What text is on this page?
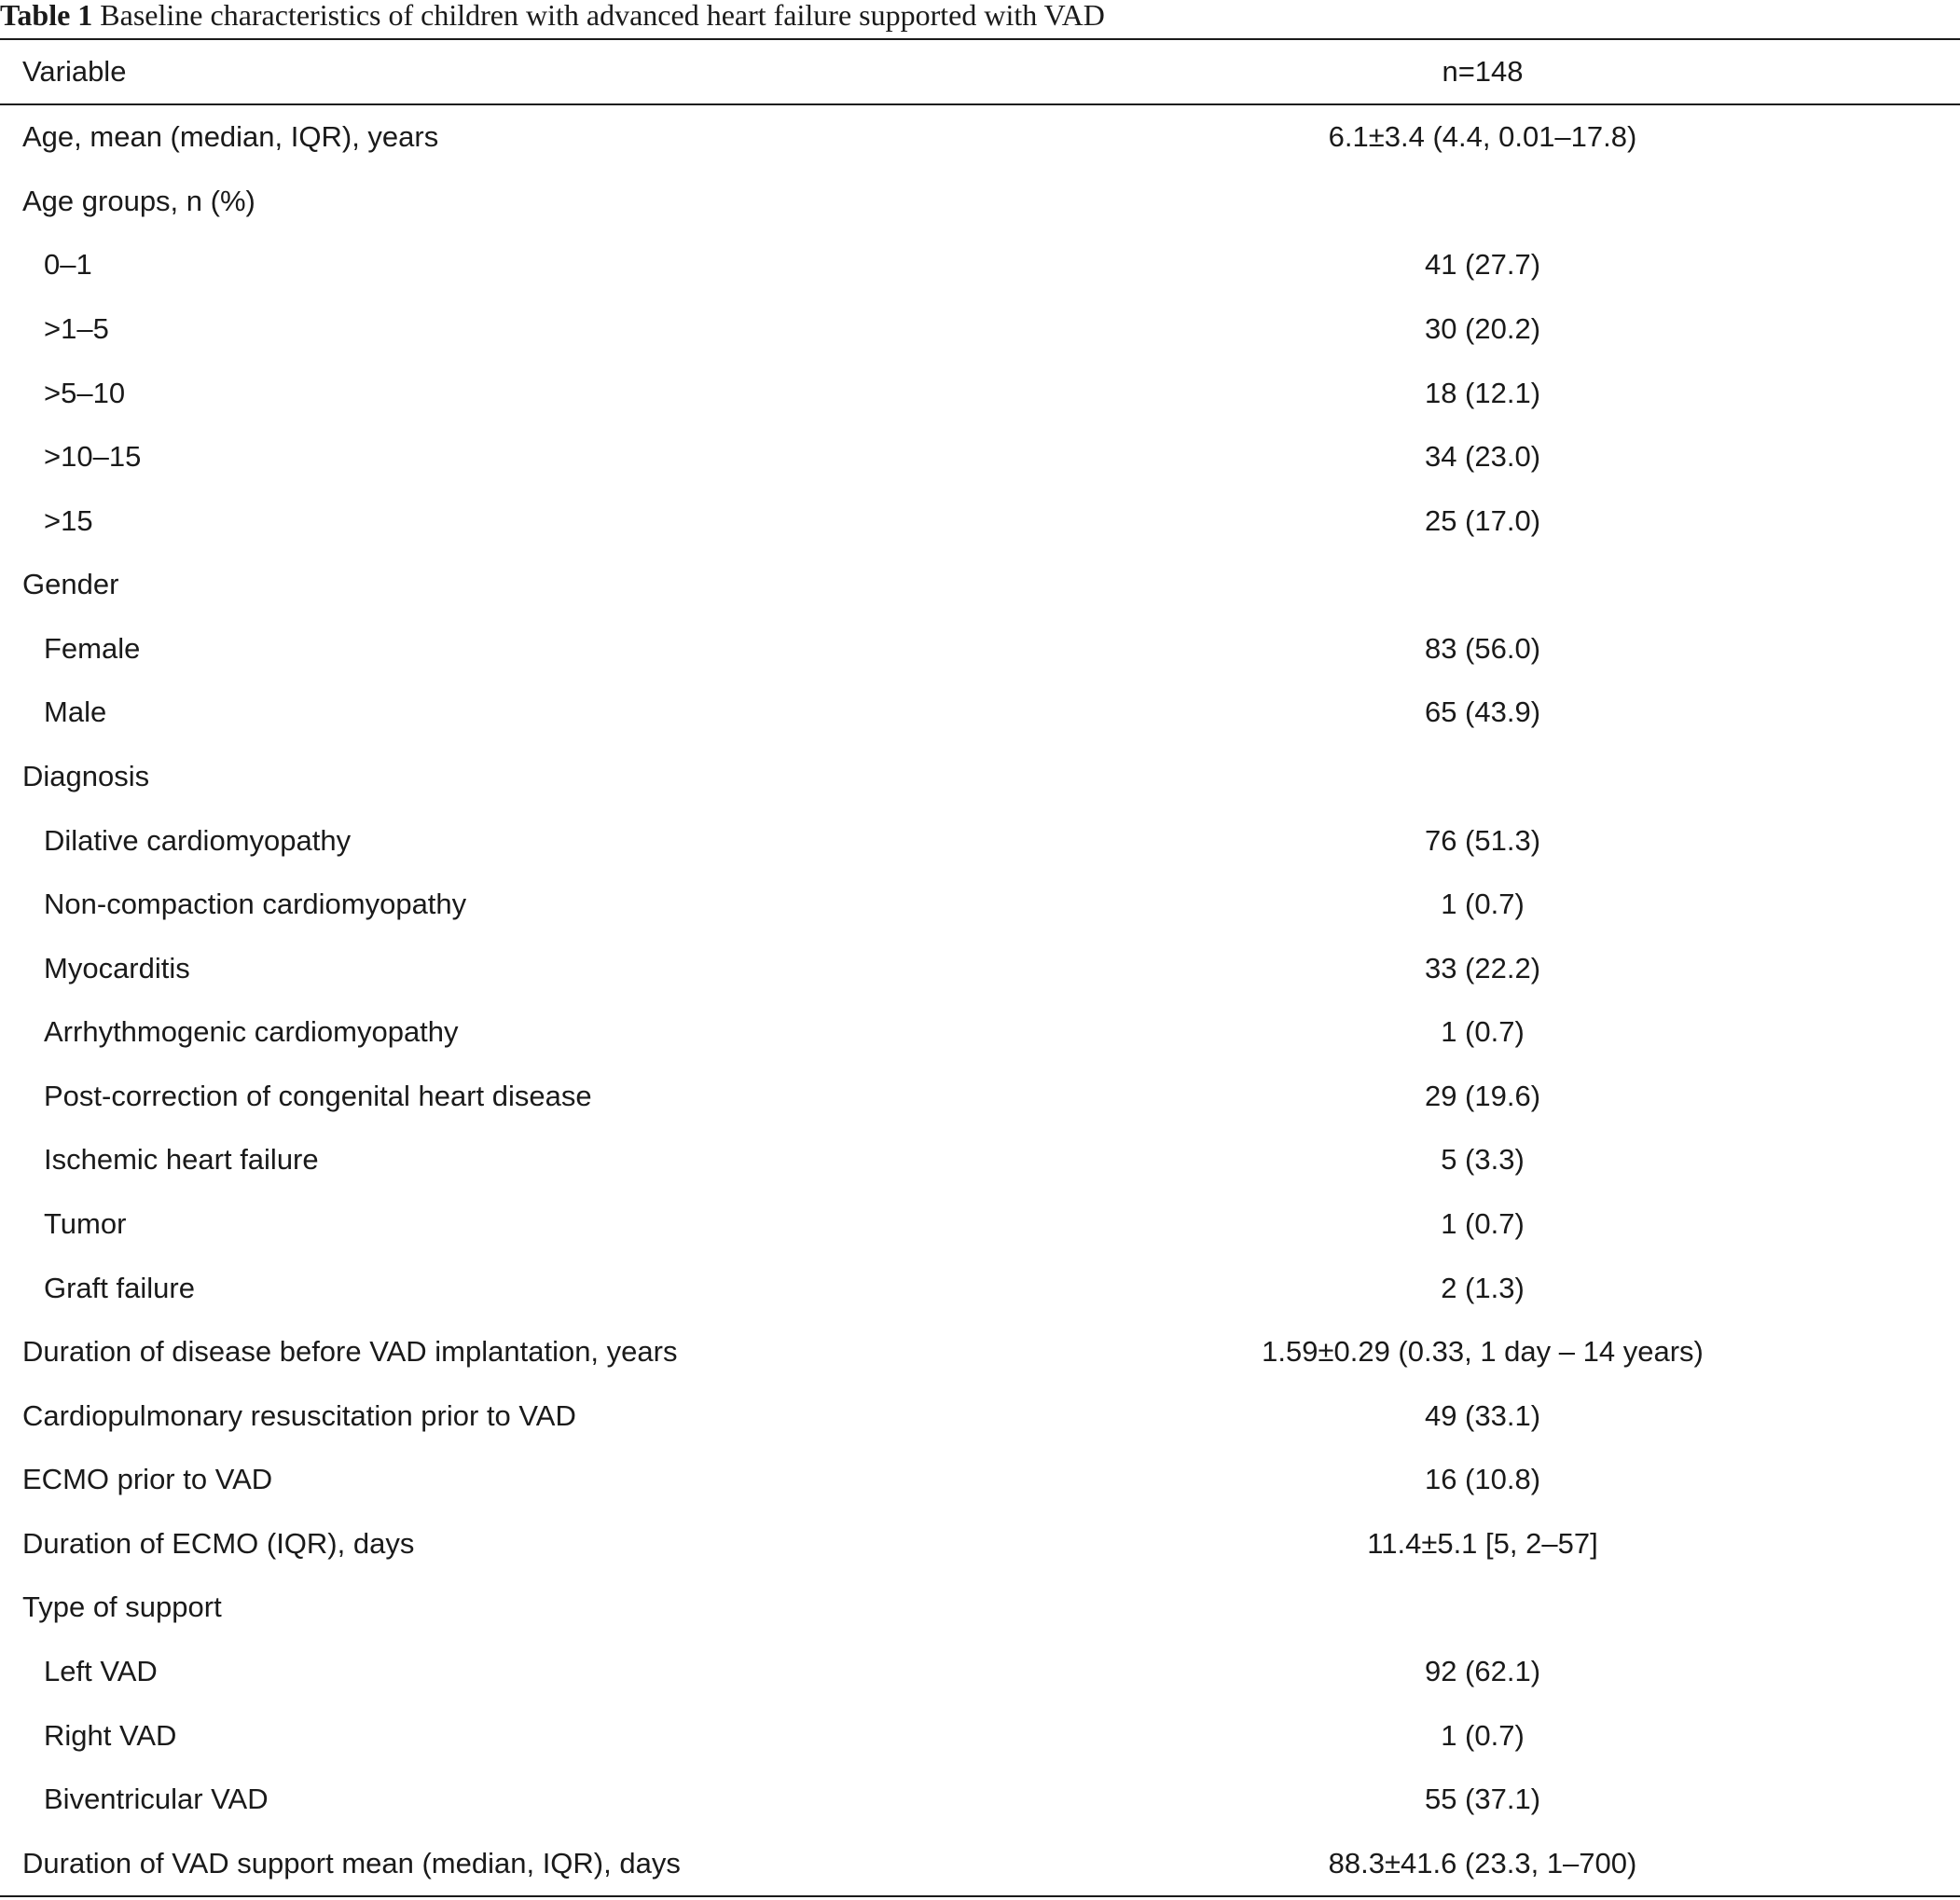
Table 1 Baseline characteristics of children with advanced heart failure supported with VAD
Variable	n=148
Age, mean (median, IQR), years	6.1±3.4 (4.4, 0.01–17.8)
Age groups, n (%)
0–1	41 (27.7)
>1–5	30 (20.2)
>5–10	18 (12.1)
>10–15	34 (23.0)
>15	25 (17.0)
Gender
Female	83 (56.0)
Male	65 (43.9)
Diagnosis
Dilative cardiomyopathy	76 (51.3)
Non-compaction cardiomyopathy	1 (0.7)
Myocarditis	33 (22.2)
Arrhythmogenic cardiomyopathy	1 (0.7)
Post-correction of congenital heart disease	29 (19.6)
Ischemic heart failure	5 (3.3)
Tumor	1 (0.7)
Graft failure	2 (1.3)
Duration of disease before VAD implantation, years	1.59±0.29 (0.33, 1 day – 14 years)
Cardiopulmonary resuscitation prior to VAD	49 (33.1)
ECMO prior to VAD	16 (10.8)
Duration of ECMO (IQR), days	11.4±5.1 [5, 2–57]
Type of support
Left VAD	92 (62.1)
Right VAD	1 (0.7)
Biventricular VAD	55 (37.1)
Duration of VAD support mean (median, IQR), days	88.3±41.6 (23.3, 1–700)
